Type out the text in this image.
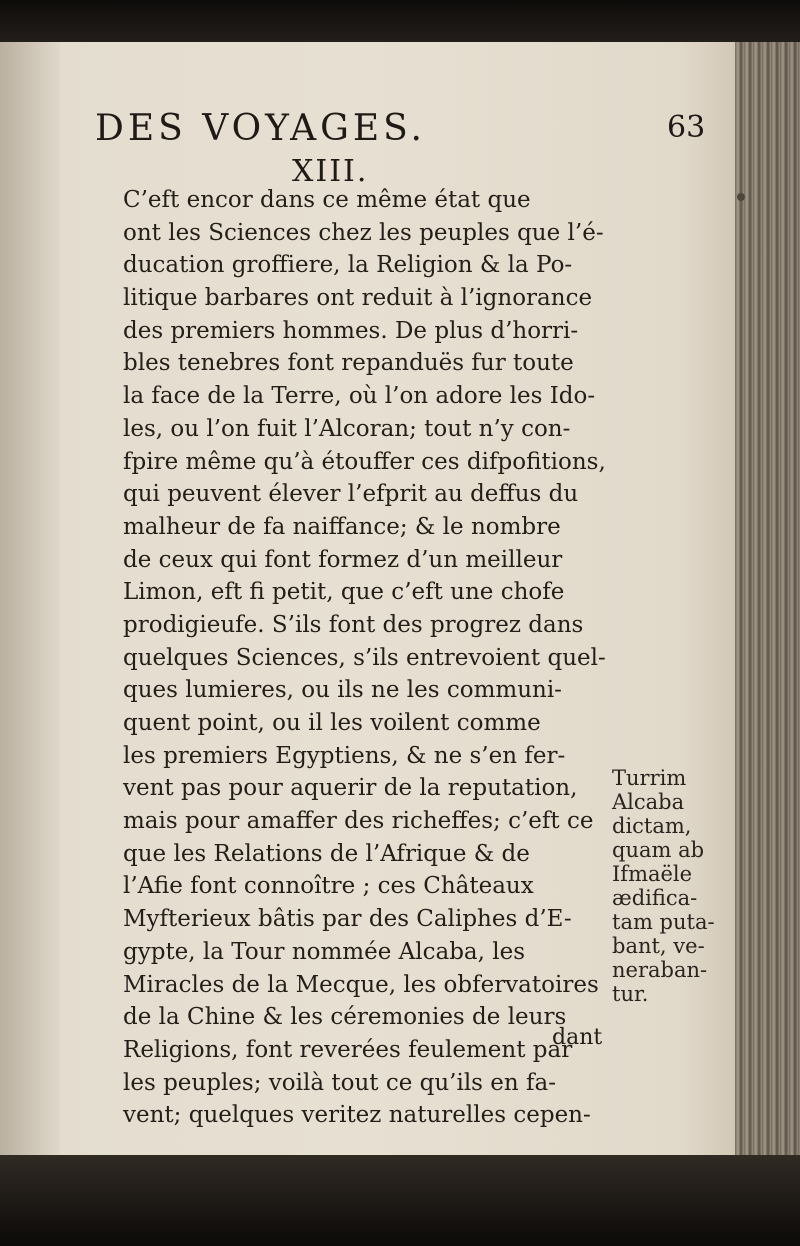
DES VOYAGES.	63
XIII.
C’eft encor dans ce même état que
ont les Sciences chez les peuples que l’é-
ducation groffiere, la Religion & la Po-
litique barbares ont reduit à l’ignorance
des premiers hommes. De plus d’horri-
bles tenebres font repanduës fur toute
la face de la Terre, où l’on adore les Ido-
les, ou l’on fuit l’Alcoran; tout n’y con-
fpire même qu’à étouffer ces difpofitions,
qui peuvent élever l’efprit au deffus du
malheur de fa naiffance; & le nombre
de ceux qui font formez d’un meilleur
Limon, eft fi petit, que c’eft une chofe
prodigieufe. S’ils font des progrez dans
quelques Sciences, s’ils entrevoient quel-
ques lumieres, ou ils ne les communi-
quent point, ou il les voilent comme
les premiers Egyptiens, & ne s’en fer-
vent pas pour aquerir de la reputation,
mais pour amaffer des richeffes; c’eft ce
que les Relations de l’Afrique & de
l’Afie font connoître ; ces Châteaux
Myfterieux bâtis par des Caliphes d’E-
gypte, la Tour nommée Alcaba, les
Miracles de la Mecque, les obfervatoires
de la Chine & les céremonies de leurs
Religions, font reverées feulement par
les peuples; voilà tout ce qu’ils en fa-
vent; quelques veritez naturelles cepen-
Turrim
Alcaba
dictam,
quam ab
Ifmaële
ædifica-
tam puta-
bant, ve-
neraban-
tur.
dant
